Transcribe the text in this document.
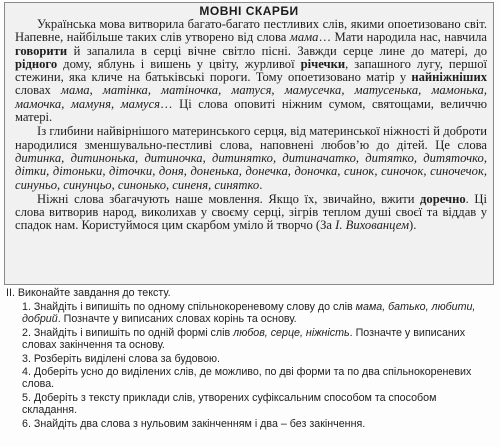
МОВНІ СКАРБИ

Українська мова витворила багато-багато пестливих слів, якими опоетизовано світ. Напевне, найбільше таких слів утворено від слова мама… Мати народила нас, навчила говорити й запалила в серці вічне світло пісні. Завжди серце лине до матері, до рідного дому, яблунь і вишень у цвіту, журливої річечки, запашного лугу, першої стежини, яка кличе на батьківські пороги. Тому опоетизовано матір у найніжніших словах мама, матінка, матіночка, матуся, мамусечка, матусенька, мамонька, мамочка, мамуня, мамуся… Ці слова оповиті ніжним сумом, святощами, величчю матері.

Із глибини найвірнішого материнського серця, від материнської ніжності й доброти народилися зменшувально-пестливі слова, наповнені любов’ю до дітей. Це слова дитинка, дитинонька, дитиночка, дитинятко, дитиначатко, дитятко, дитяточко, дітки, дітоньки, діточки, доня, доненька, донечка, доночка, синок, синочок, синочечок, синуньо, синунцьо, синонько, синеня, синятко.

Ніжні слова збагачують наше мовлення. Якщо їх, звичайно, вжити доречно. Ці слова витворив народ, виколихав у своєму серці, зігрів теплом душі своєї та віддав у спадок нам. Користуймося цим скарбом уміло й творчо (За І. Вихованцем).

II. Виконайте завдання до тексту.
1. Знайдіть і випишіть по одному спільнокореневому слову до слів мама, батько, любити, добрий. Позначте у виписаних словах корінь та основу.
2. Знайдіть і випишіть по одній формі слів любов, серце, ніжність. Позначте у виписаних словах закінчення та основу.
3. Розберіть виділені слова за будовою.
4. Доберіть усно до виділених слів, де можливо, по дві форми та по два спільнокореневих слова.
5. Доберіть з тексту приклади слів, утворених суфіксальним способом та способом складання.
6. Знайдіть два слова з нульовим закінченням і два – без закінчення.
